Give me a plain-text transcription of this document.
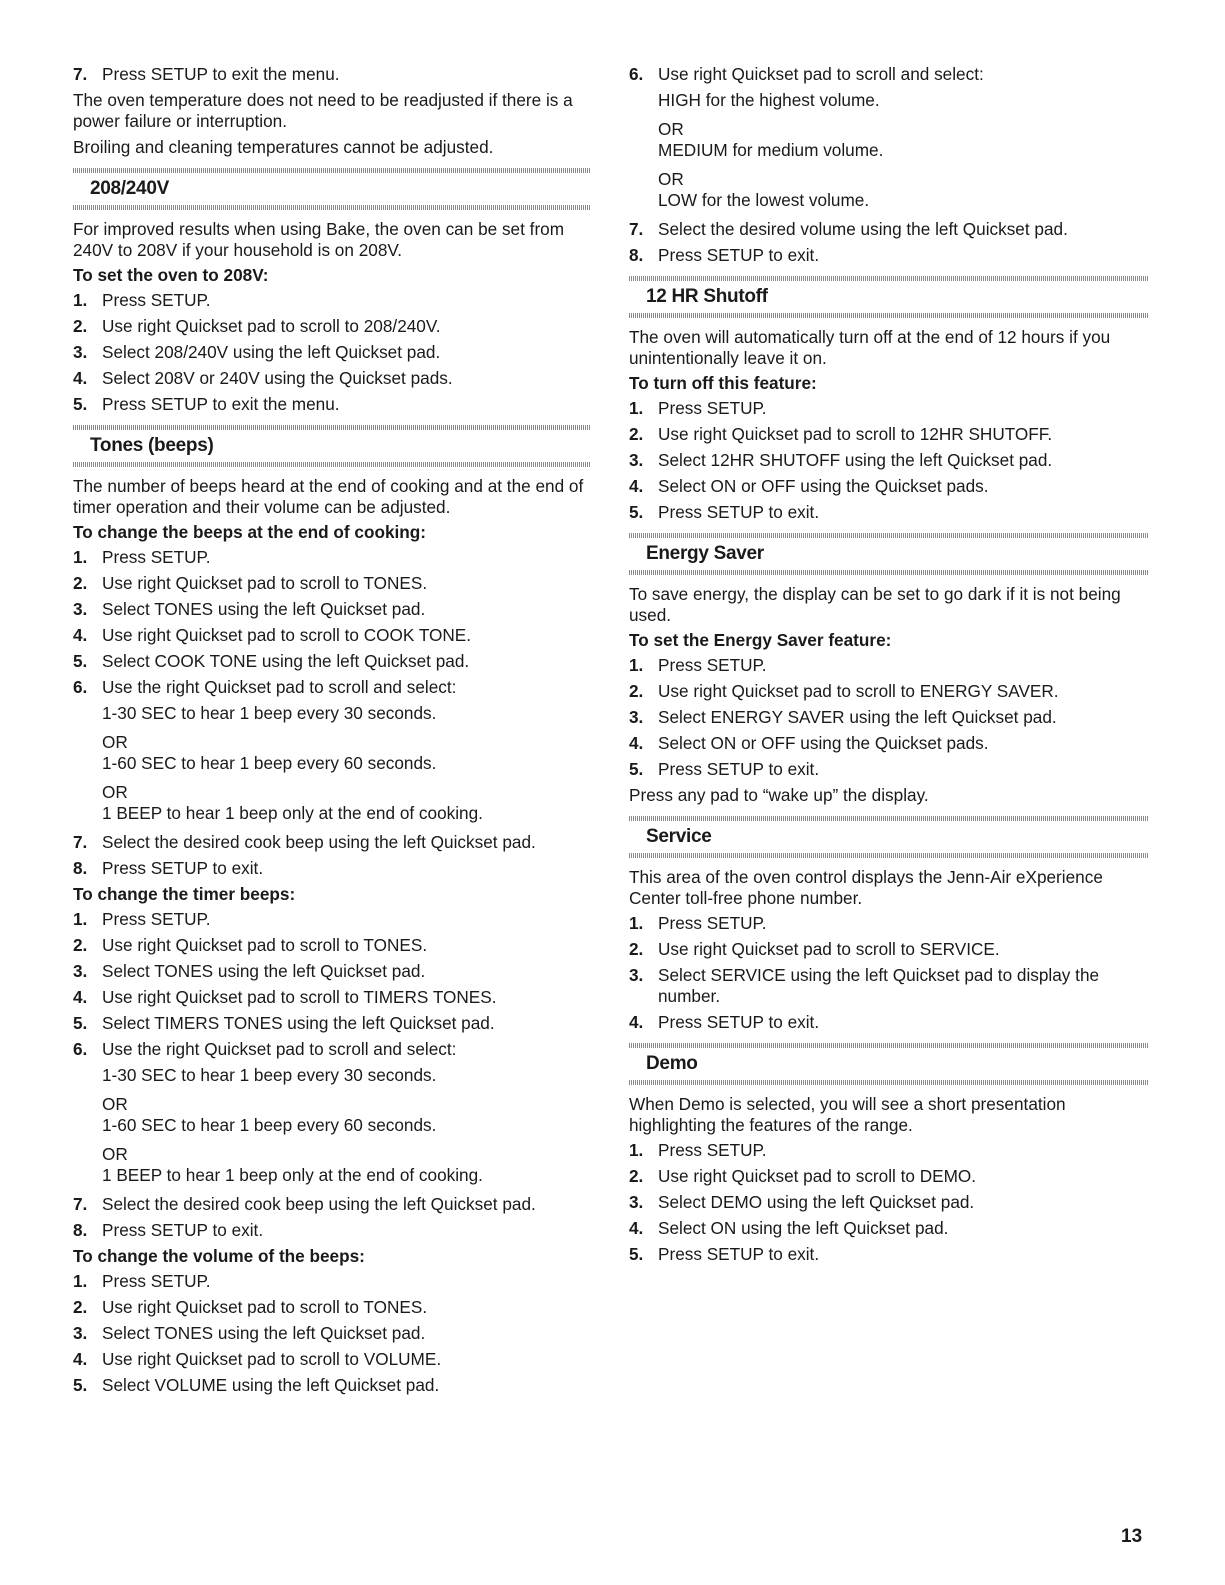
7. Press SETUP to exit the menu.

The oven temperature does not need to be readjusted if there is a power failure or interruption.

Broiling and cleaning temperatures cannot be adjusted.

208/240V

For improved results when using Bake, the oven can be set from 240V to 208V if your household is on 208V.

To set the oven to 208V:

1. Press SETUP.
2. Use right Quickset pad to scroll to 208/240V.
3. Select 208/240V using the left Quickset pad.
4. Select 208V or 240V using the Quickset pads.
5. Press SETUP to exit the menu.
Tones (beeps)

The number of beeps heard at the end of cooking and at the end of timer operation and their volume can be adjusted.

To change the beeps at the end of cooking:

1. Press SETUP.
2. Use right Quickset pad to scroll to TONES.
3. Select TONES using the left Quickset pad.
4. Use right Quickset pad to scroll to COOK TONE.
5. Select COOK TONE using the left Quickset pad.
6. Use the right Quickset pad to scroll and select:
1-30 SEC to hear 1 beep every 30 seconds.
OR
1-60 SEC to hear 1 beep every 60 seconds.
OR
1 BEEP to hear 1 beep only at the end of cooking.
7. Select the desired cook beep using the left Quickset pad.
8. Press SETUP to exit.

To change the timer beeps:

1. Press SETUP.
2. Use right Quickset pad to scroll to TONES.
3. Select TONES using the left Quickset pad.
4. Use right Quickset pad to scroll to TIMERS TONES.
5. Select TIMERS TONES using the left Quickset pad.
6. Use the right Quickset pad to scroll and select:
1-30 SEC to hear 1 beep every 30 seconds.
OR
1-60 SEC to hear 1 beep every 60 seconds.
OR
1 BEEP to hear 1 beep only at the end of cooking.
7. Select the desired cook beep using the left Quickset pad.
8. Press SETUP to exit.

To change the volume of the beeps:

1. Press SETUP.
2. Use right Quickset pad to scroll to TONES.
3. Select TONES using the left Quickset pad.
4. Use right Quickset pad to scroll to VOLUME.
5. Select VOLUME using the left Quickset pad.
6. Use right Quickset pad to scroll and select:
HIGH for the highest volume.
OR
MEDIUM for medium volume.
OR
LOW for the lowest volume.
7. Select the desired volume using the left Quickset pad.
8. Press SETUP to exit.
12 HR Shutoff

The oven will automatically turn off at the end of 12 hours if you unintentionally leave it on.

To turn off this feature:

1. Press SETUP.
2. Use right Quickset pad to scroll to 12HR SHUTOFF.
3. Select 12HR SHUTOFF using the left Quickset pad.
4. Select ON or OFF using the Quickset pads.
5. Press SETUP to exit.
Energy Saver

To save energy, the display can be set to go dark if it is not being used.

To set the Energy Saver feature:

1. Press SETUP.
2. Use right Quickset pad to scroll to ENERGY SAVER.
3. Select ENERGY SAVER using the left Quickset pad.
4. Select ON or OFF using the Quickset pads.
5. Press SETUP to exit.

Press any pad to “wake up” the display.

Service

This area of the oven control displays the Jenn-Air eXperience Center toll-free phone number.

1. Press SETUP.
2. Use right Quickset pad to scroll to SERVICE.
3. Select SERVICE using the left Quickset pad to display the number.
4. Press SETUP to exit.
Demo

When Demo is selected, you will see a short presentation highlighting the features of the range.

1. Press SETUP.
2. Use right Quickset pad to scroll to DEMO.
3. Select DEMO using the left Quickset pad.
4. Select ON using the left Quickset pad.
5. Press SETUP to exit.
13
